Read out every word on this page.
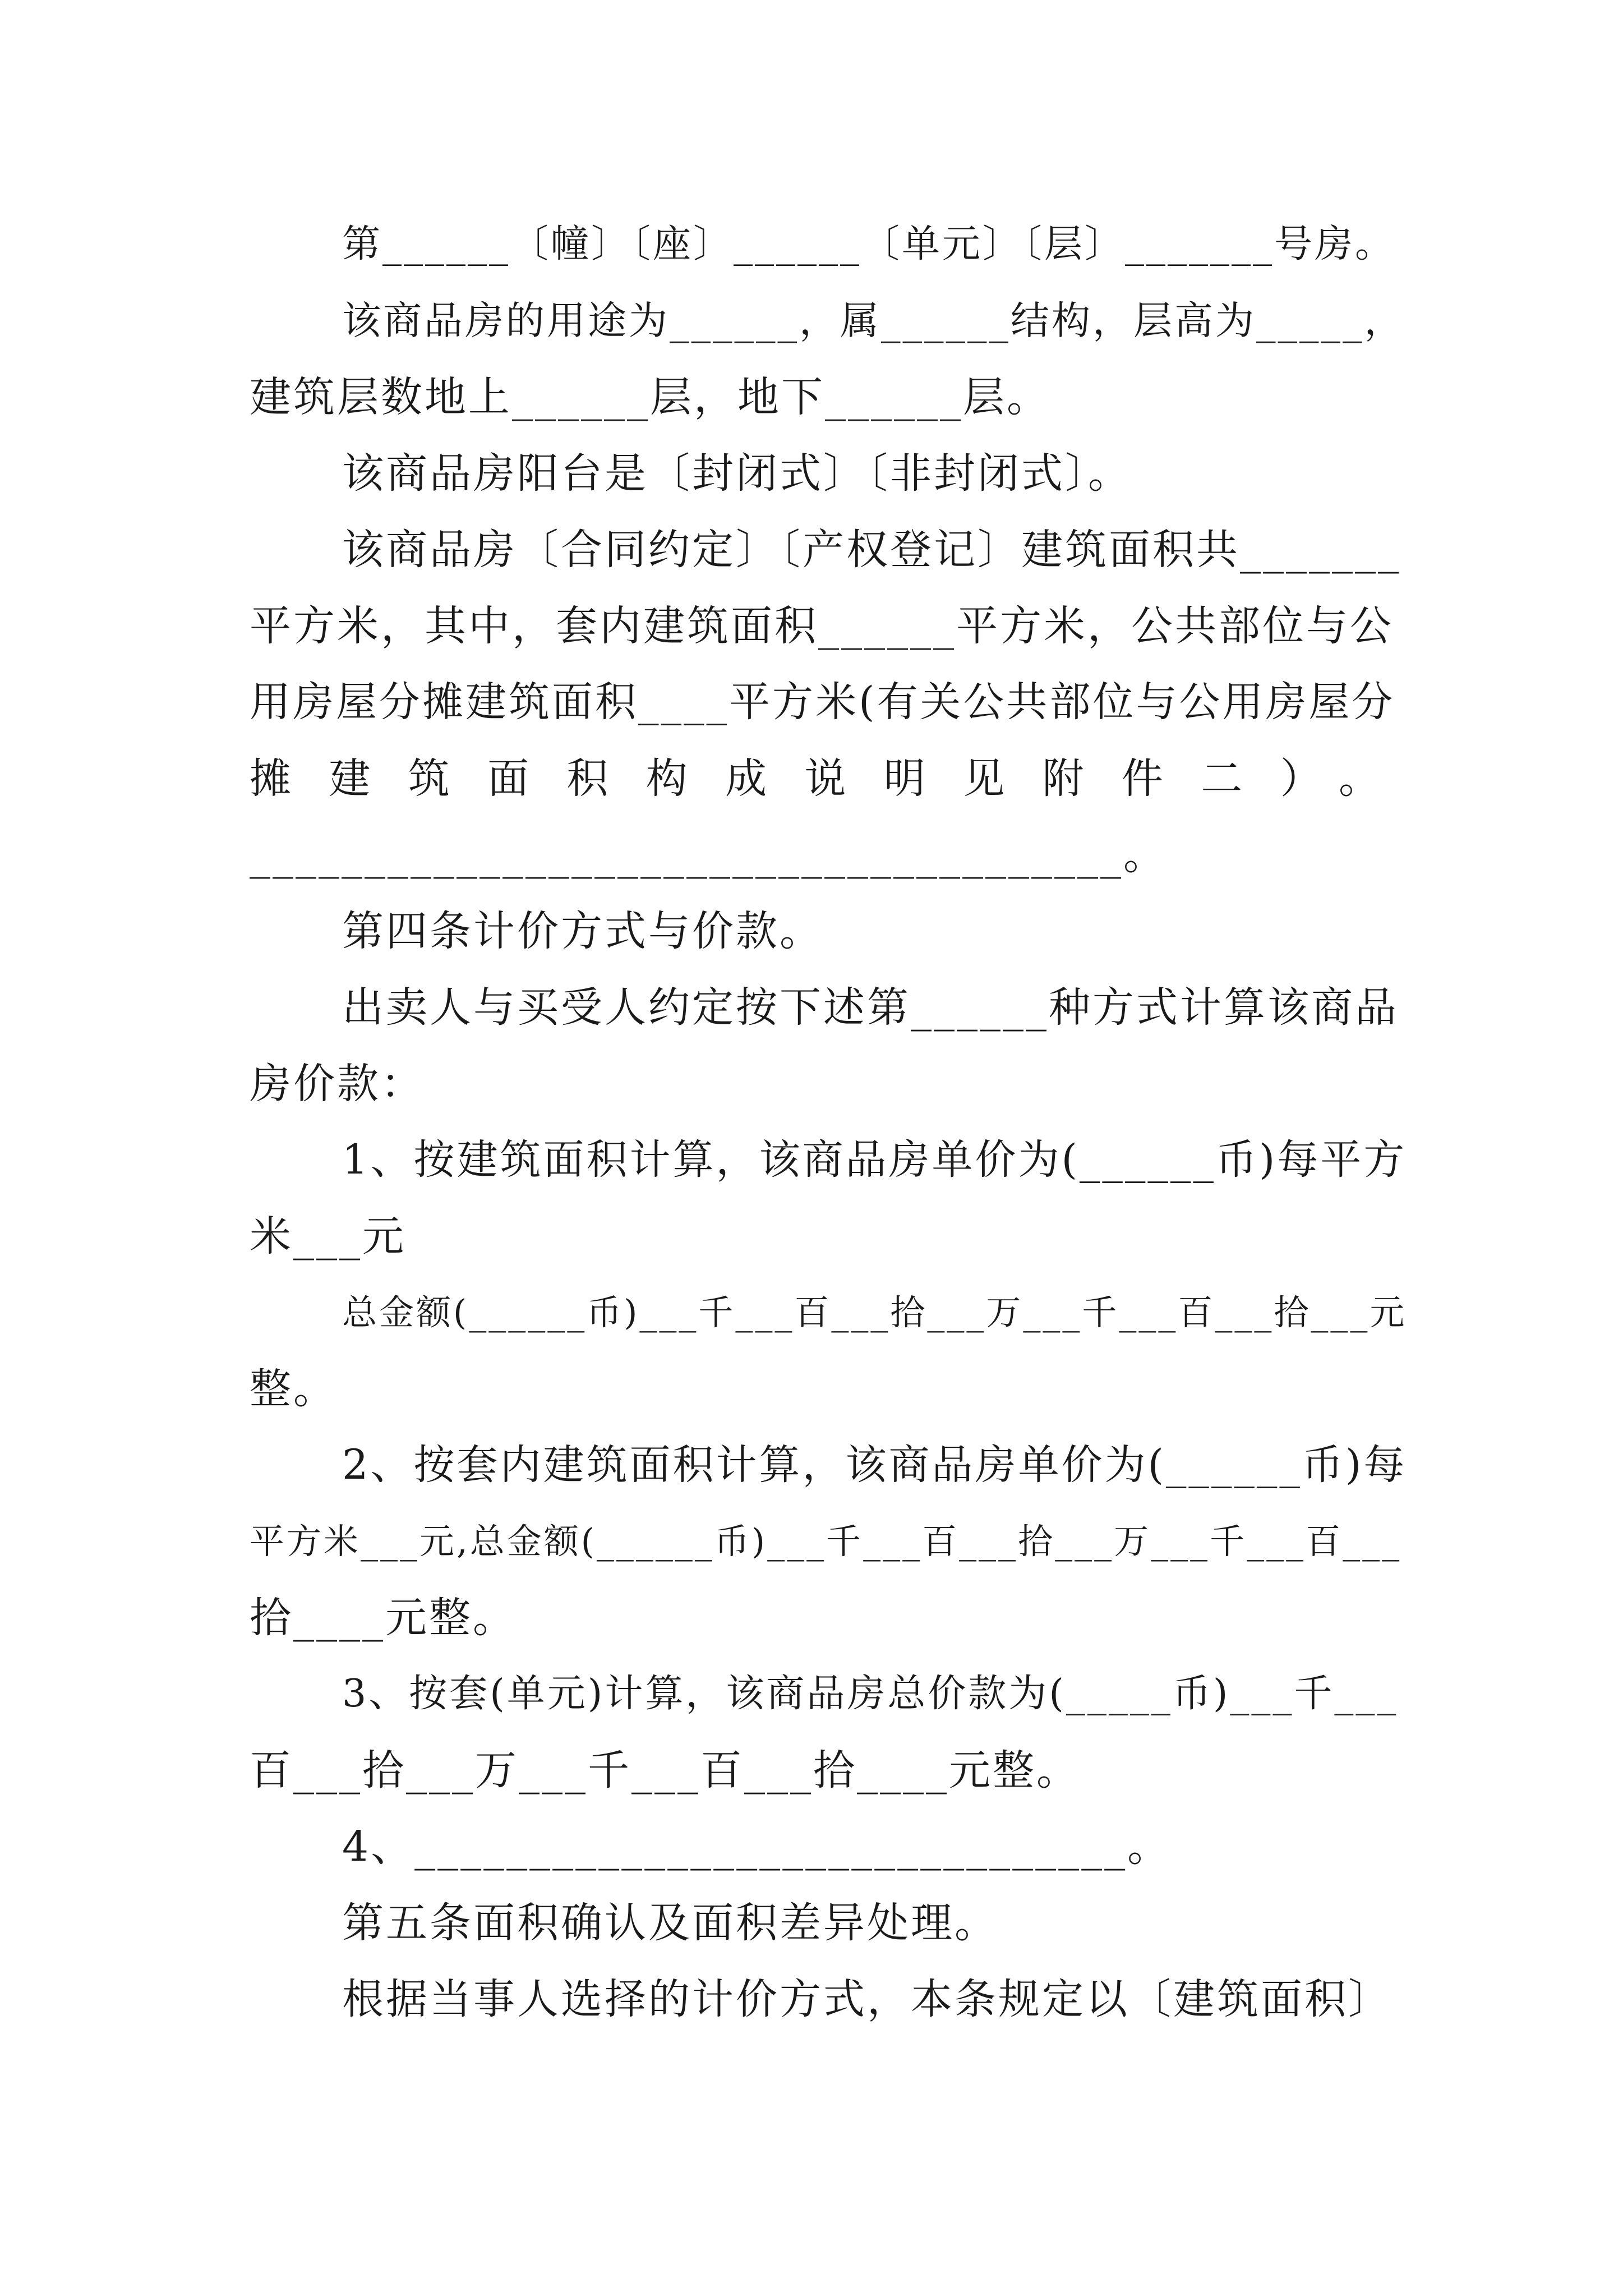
第______〔幢〕〔座〕______〔单元〕〔层〕_______号房。
该商品房的用途为______，属______结构，层高为_____，
建筑层数地上______层，地下______层。
该商品房阳台是〔封闭式〕〔非封闭式〕。
该商品房〔合同约定〕〔产权登记〕建筑面积共_______
平方米，其中，套内建筑面积______平方米，公共部位与公
用房屋分摊建筑面积____平方米(有关公共部位与公用房屋分
摊建筑面积构成说明见附件二）。
______________________________________。
第四条计价方式与价款。
出卖人与买受人约定按下述第______种方式计算该商品
房价款：
1、按建筑面积计算，该商品房单价为(______币)每平方
米___元
总金额(______币)___千___百___拾___万___千___百___拾___元
整。
2、按套内建筑面积计算，该商品房单价为(______币)每
平方米___元,总金额(______币)___千___百___拾___万___千___百___
拾____元整。
3、按套(单元)计算，该商品房总价款为(_____币)___千___
百___拾___万___千___百___拾____元整。
4、_______________________________。
第五条面积确认及面积差异处理。
根据当事人选择的计价方式，本条规定以〔建筑面积〕
